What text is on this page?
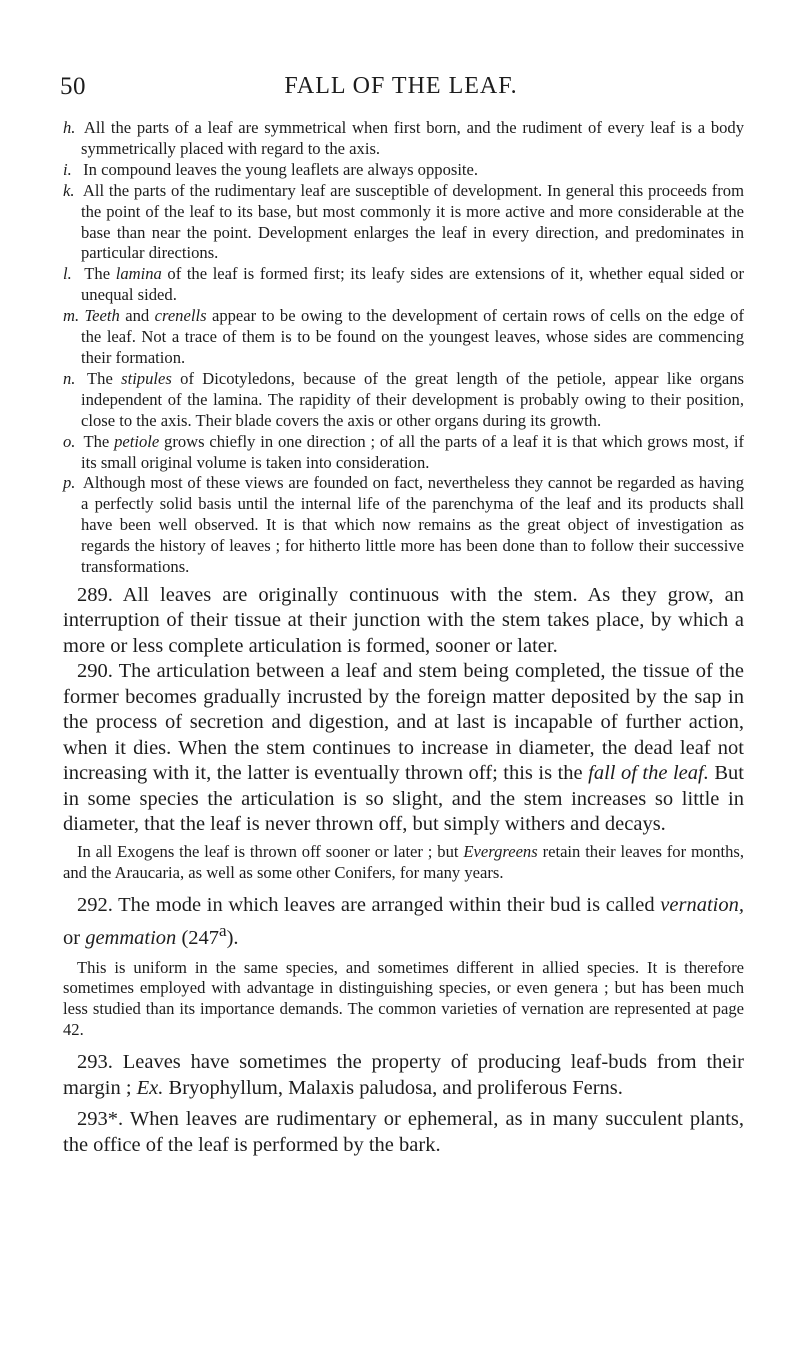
50	FALL OF THE LEAF.

h. All the parts of a leaf are symmetrical when first born, and the rudiment of every leaf is a body symmetrically placed with regard to the axis.

i. In compound leaves the young leaflets are always opposite.

k. All the parts of the rudimentary leaf are susceptible of development. In general this proceeds from the point of the leaf to its base, but most commonly it is more active and more considerable at the base than near the point. Development enlarges the leaf in every direction, and predominates in particular directions.

l. The lamina of the leaf is formed first; its leafy sides are extensions of it, whether equal sided or unequal sided.

m. Teeth and crenells appear to be owing to the development of certain rows of cells on the edge of the leaf. Not a trace of them is to be found on the youngest leaves, whose sides are commencing their formation.

n. The stipules of Dicotyledons, because of the great length of the petiole, appear like organs independent of the lamina. The rapidity of their development is probably owing to their position, close to the axis. Their blade covers the axis or other organs during its growth.

o. The petiole grows chiefly in one direction ; of all the parts of a leaf it is that which grows most, if its small original volume is taken into consideration.

p. Although most of these views are founded on fact, nevertheless they cannot be regarded as having a perfectly solid basis until the internal life of the parenchyma of the leaf and its products shall have been well observed. It is that which now remains as the great object of investigation as regards the history of leaves ; for hitherto little more has been done than to follow their successive transformations.

289. All leaves are originally continuous with the stem. As they grow, an interruption of their tissue at their junction with the stem takes place, by which a more or less complete articulation is formed, sooner or later.

290. The articulation between a leaf and stem being completed, the tissue of the former becomes gradually incrusted by the foreign matter deposited by the sap in the process of secretion and digestion, and at last is incapable of further action, when it dies. When the stem continues to increase in diameter, the dead leaf not increasing with it, the latter is eventually thrown off; this is the fall of the leaf. But in some species the articulation is so slight, and the stem increases so little in diameter, that the leaf is never thrown off, but simply withers and decays.

In all Exogens the leaf is thrown off sooner or later ; but Evergreens retain their leaves for months, and the Araucaria, as well as some other Conifers, for many years.

292. The mode in which leaves are arranged within their bud is called vernation, or gemmation (247$^a$).

This is uniform in the same species, and sometimes different in allied species. It is therefore sometimes employed with advantage in distinguishing species, or even genera ; but has been much less studied than its importance demands. The common varieties of vernation are represented at page 42.

293. Leaves have sometimes the property of producing leaf-buds from their margin ; Ex. Bryophyllum, Malaxis paludosa, and proliferous Ferns.

293*. When leaves are rudimentary or ephemeral, as in many succulent plants, the office of the leaf is performed by the bark.
